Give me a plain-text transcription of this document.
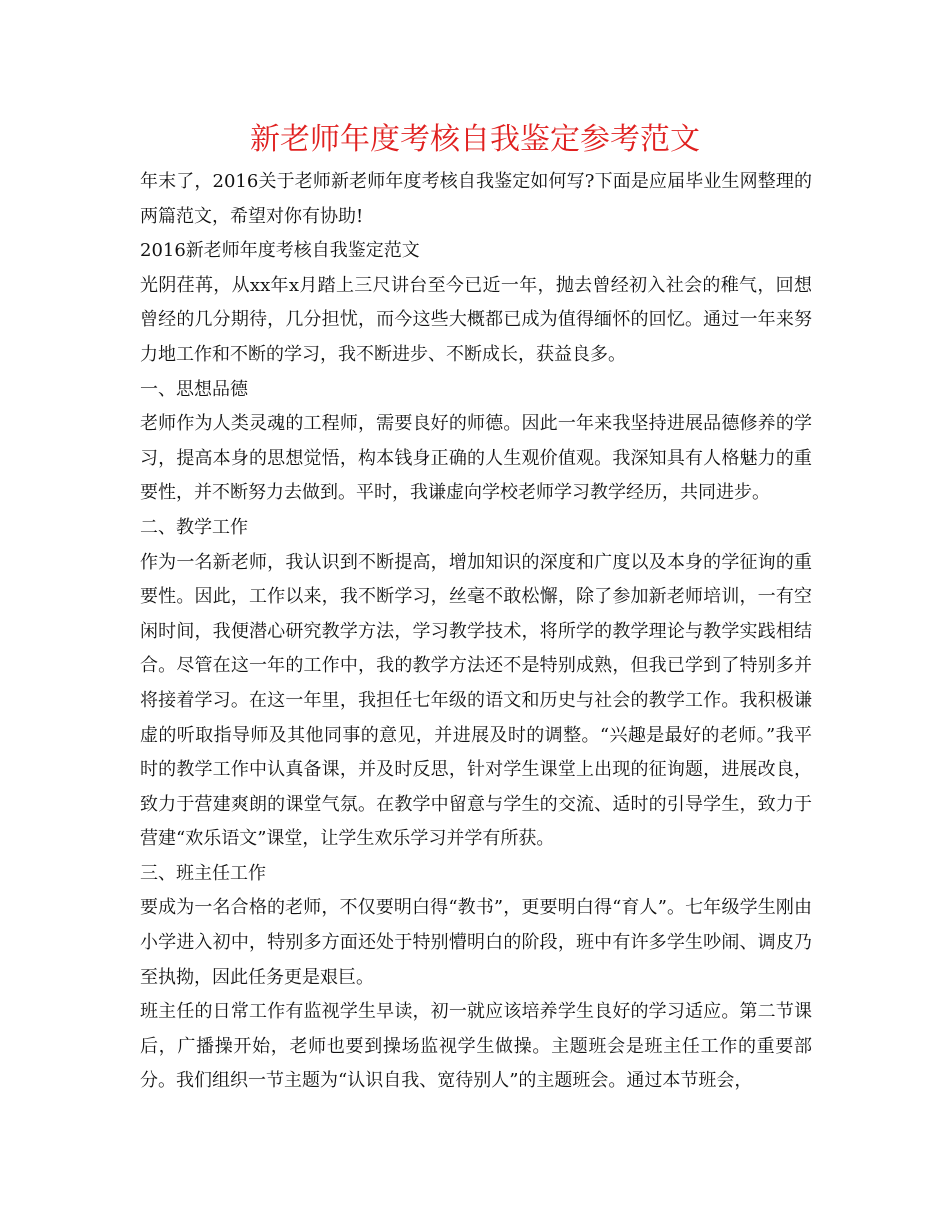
新老师年度考核自我鉴定参考范文

年末了，2016关于老师新老师年度考核自我鉴定如何写?下面是应届毕业生网整理的两篇范文，希望对你有协助!

2016新老师年度考核自我鉴定范文

光阴荏苒，从xx年x月踏上三尺讲台至今已近一年，抛去曾经初入社会的稚气，回想曾经的几分期待，几分担忧，而今这些大概都已成为值得缅怀的回忆。通过一年来努力地工作和不断的学习，我不断进步、不断成长，获益良多。

一、思想品德

老师作为人类灵魂的工程师，需要良好的师德。因此一年来我坚持进展品德修养的学习，提高本身的思想觉悟，构本钱身正确的人生观价值观。我深知具有人格魅力的重要性，并不断努力去做到。平时，我谦虚向学校老师学习教学经历，共同进步。

二、教学工作

作为一名新老师，我认识到不断提高，增加知识的深度和广度以及本身的学征询的重要性。因此，工作以来，我不断学习，丝毫不敢松懈，除了参加新老师培训，一有空闲时间，我便潜心研究教学方法，学习教学技术，将所学的教学理论与教学实践相结合。尽管在这一年的工作中，我的教学方法还不是特别成熟，但我已学到了特别多并将接着学习。在这一年里，我担任七年级的语文和历史与社会的教学工作。我积极谦虚的听取指导师及其他同事的意见，并进展及时的调整。“兴趣是最好的老师。”我平时的教学工作中认真备课，并及时反思，针对学生课堂上出现的征询题，进展改良，致力于营建爽朗的课堂气氛。在教学中留意与学生的交流、适时的引导学生，致力于营建“欢乐语文”课堂，让学生欢乐学习并学有所获。

三、班主任工作

要成为一名合格的老师，不仅要明白得“教书”，更要明白得“育人”。七年级学生刚由小学进入初中，特别多方面还处于特别懵明白的阶段，班中有许多学生吵闹、调皮乃至执拗，因此任务更是艰巨。

班主任的日常工作有监视学生早读，初一就应该培养学生良好的学习适应。第二节课后，广播操开始，老师也要到操场监视学生做操。主题班会是班主任工作的重要部分。我们组织一节主题为“认识自我、宽待别人”的主题班会。通过本节班会，
